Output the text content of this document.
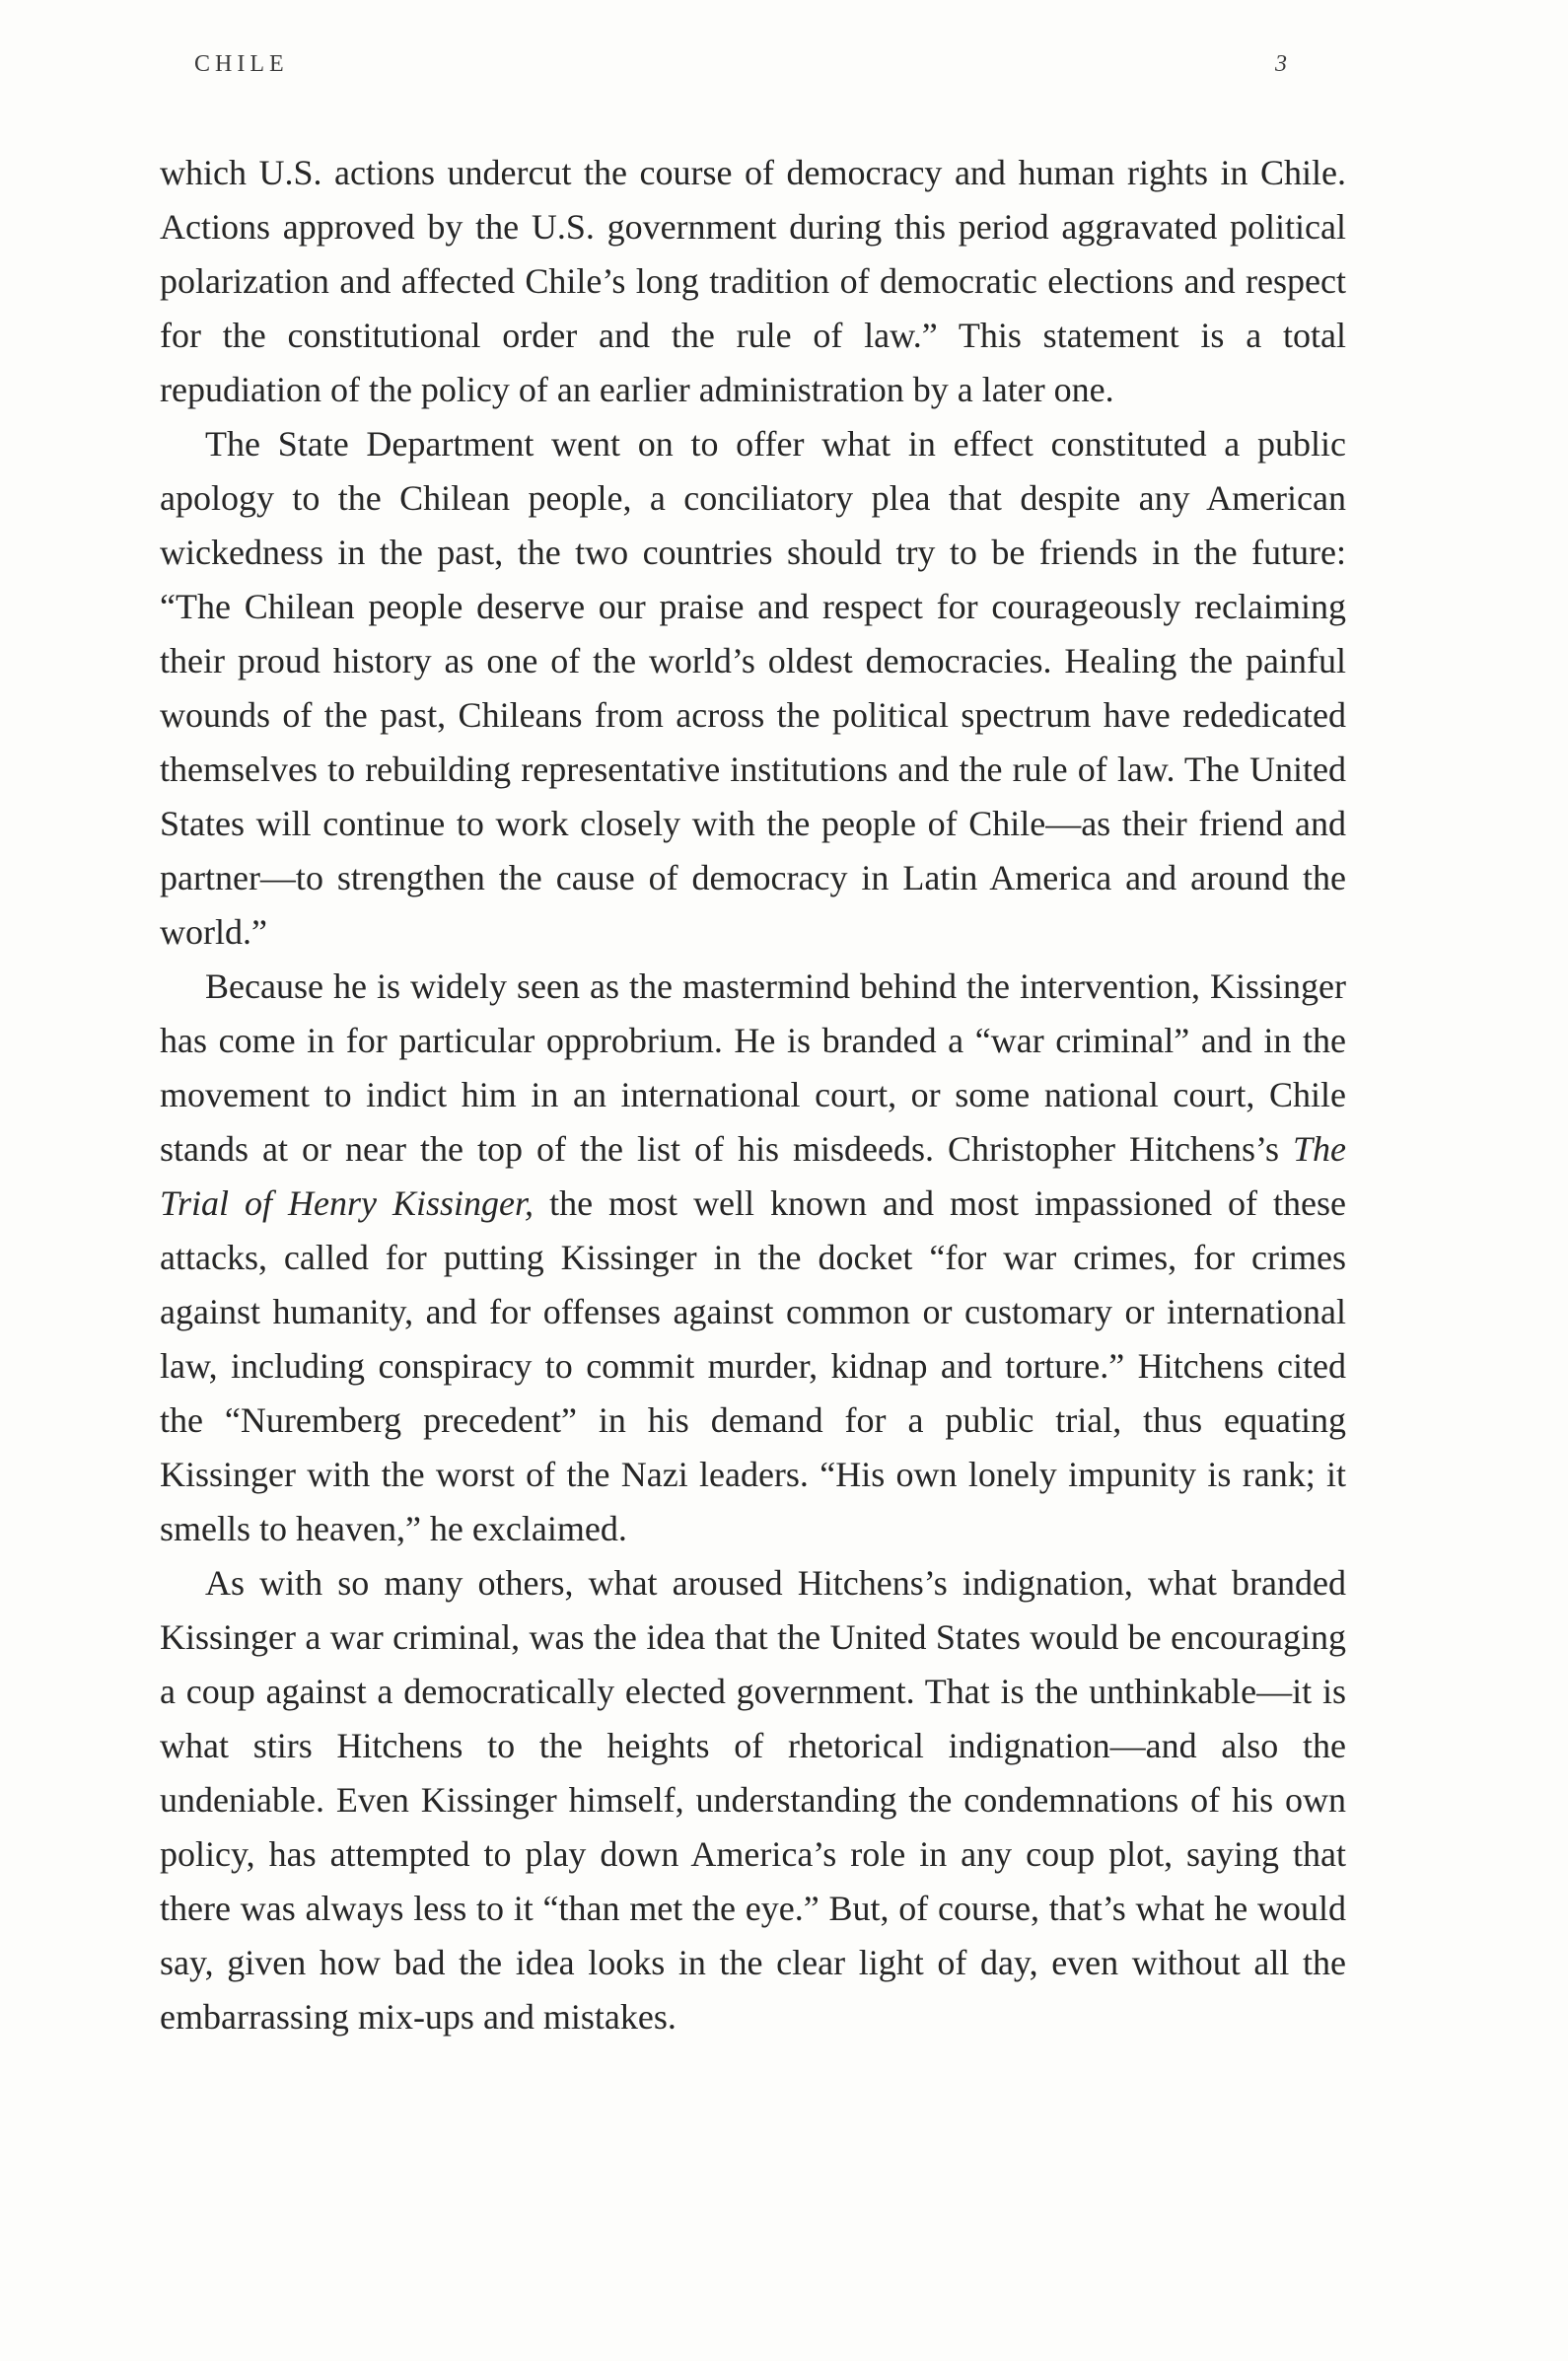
CHILE	3

which U.S. actions undercut the course of democracy and human rights in Chile. Actions approved by the U.S. government during this period aggravated political polarization and affected Chile’s long tradition of democratic elections and respect for the constitutional order and the rule of law.” This statement is a total repudiation of the policy of an earlier administration by a later one.

The State Department went on to offer what in effect constituted a public apology to the Chilean people, a conciliatory plea that despite any American wickedness in the past, the two countries should try to be friends in the future: “The Chilean people deserve our praise and respect for courageously reclaiming their proud history as one of the world’s oldest democracies. Healing the painful wounds of the past, Chileans from across the political spectrum have rededicated themselves to rebuilding representative institutions and the rule of law. The United States will continue to work closely with the people of Chile—as their friend and partner—to strengthen the cause of democracy in Latin America and around the world.”

Because he is widely seen as the mastermind behind the intervention, Kissinger has come in for particular opprobrium. He is branded a “war criminal” and in the movement to indict him in an international court, or some national court, Chile stands at or near the top of the list of his misdeeds. Christopher Hitchens’s The Trial of Henry Kissinger, the most well known and most impassioned of these attacks, called for putting Kissinger in the docket “for war crimes, for crimes against humanity, and for offenses against common or customary or international law, including conspiracy to commit murder, kidnap and torture.” Hitchens cited the “Nuremberg precedent” in his demand for a public trial, thus equating Kissinger with the worst of the Nazi leaders. “His own lonely impunity is rank; it smells to heaven,” he exclaimed.

As with so many others, what aroused Hitchens’s indignation, what branded Kissinger a war criminal, was the idea that the United States would be encouraging a coup against a democratically elected government. That is the unthinkable—it is what stirs Hitchens to the heights of rhetorical indignation—and also the undeniable. Even Kissinger himself, understanding the condemnations of his own policy, has attempted to play down America’s role in any coup plot, saying that there was always less to it “than met the eye.” But, of course, that’s what he would say, given how bad the idea looks in the clear light of day, even without all the embarrassing mix-ups and mistakes.
